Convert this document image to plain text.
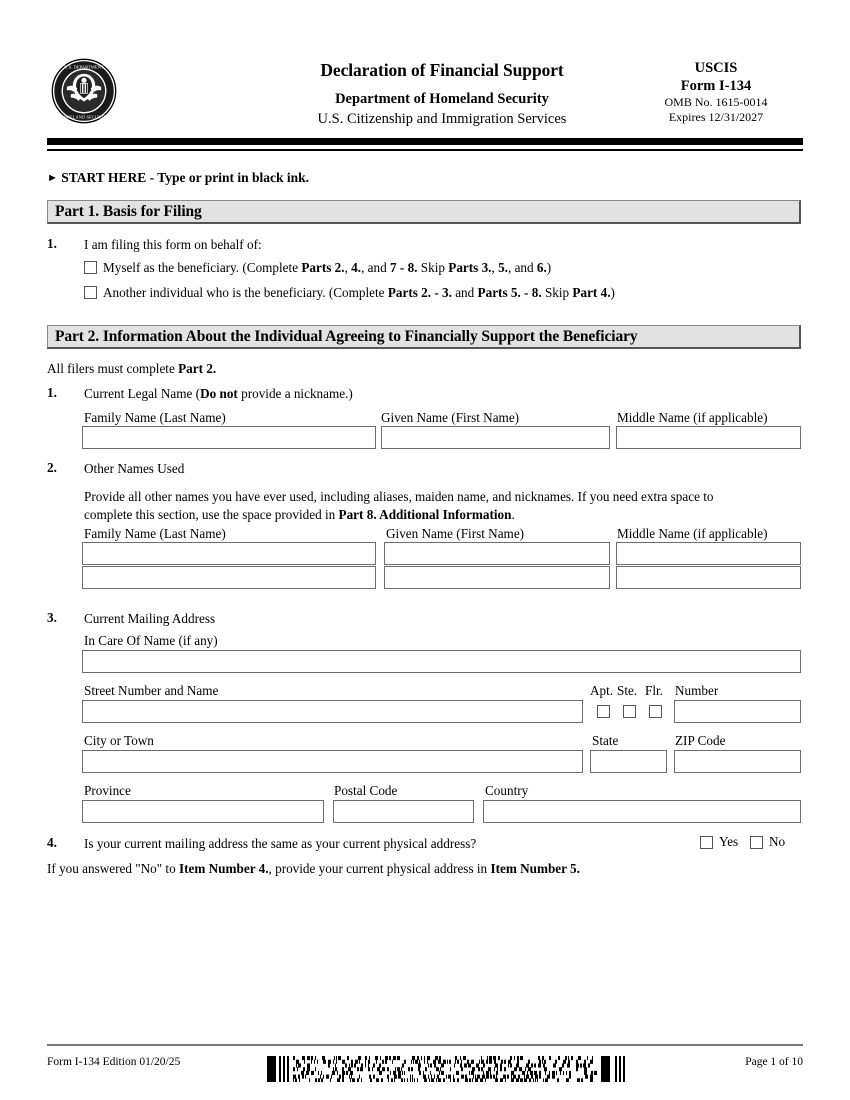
U.S. DEPARTMENT
HOMELAND SECURITY
Declaration of Financial Support
Department of Homeland Security
U.S. Citizenship and Immigration Services
USCIS
Form I-134
OMB No. 1615-0014
Expires 12/31/2027
► START HERE - Type or print in black ink.
Part 1. Basis for Filing
1. I am filing this form on behalf of:
Myself as the beneficiary. (Complete Parts 2., 4., and 7 - 8. Skip Parts 3., 5., and 6.)
Another individual who is the beneficiary. (Complete Parts 2. - 3. and Parts 5. - 8. Skip Part 4.)
Part 2. Information About the Individual Agreeing to Financially Support the Beneficiary
All filers must complete Part 2.
1. Current Legal Name (Do not provide a nickname.)
Family Name (Last Name)	Given Name (First Name)	Middle Name (if applicable)
2. Other Names Used
Provide all other names you have ever used, including aliases, maiden name, and nicknames. If you need extra space to
complete this section, use the space provided in Part 8. Additional Information.
Family Name (Last Name)	Given Name (First Name)	Middle Name (if applicable)
3. Current Mailing Address
In Care Of Name (if any)
Street Number and Name	Apt. Ste. Flr. Number
City or Town	State	ZIP Code
Province	Postal Code	Country
4. Is your current mailing address the same as your current physical address?	Yes No
If you answered "No" to Item Number 4., provide your current physical address in Item Number 5.
Form I-134 Edition 01/20/25	Page 1 of 10
